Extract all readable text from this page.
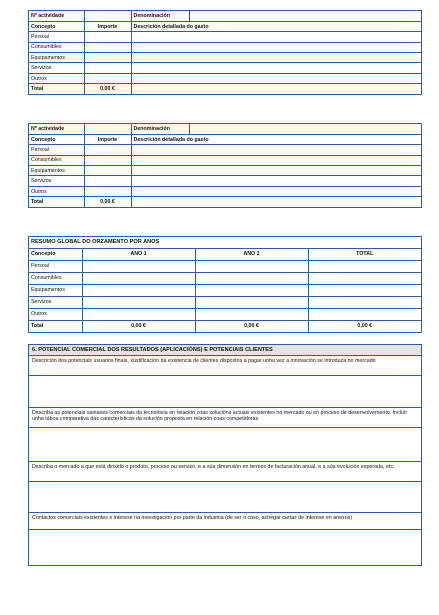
Nº actividade		Denominación	
Concepto	Importe	Descrición detallada do gasto	
Persoal			
Consumibles			
Equipamentos			
Servizos			
Outros			
Total	0,00 €		
Nº actividade		Denominación	
Concepto	Importe	Descrición detallada do gasto	
Persoal			
Consumibles			
Equipamentos			
Servizos			
Outros			
Total	0,00 €		
RESUMO GLOBAL DO ORZAMENTO POR ANOS			
Concepto	ANO 1	ANO 2	TOTAL
Persoal			
Consumibles			
Equipamentos			
Servizos			
Outros			
Total	0,00 €	0,00 €	0,00 €
6. POTENCIAL COMERCIAL DOS RESULTADOS (APLICACIÓNS) E POTENCIAIS CLIENTES
Descrición dos potenciais usuarios finais, xustificación da existencia de clientes dispostos a pagar unha vez a innovación se introduza no mercado
Describa as potenciais vantaxes comerciais da tecnoloxía en relación coas solucións actuais existentes no mercado ou en proceso de desenvolvemento. Incluír unha táboa comparativa das características da solución proposta en relación coas competidoras
Describa o mercado a que está dirixido o produto, proceso ou servizo, e a súa dimensión en termos de facturación anual, e a súa evolución esperada, etc.
Contactos comerciais existentes e interese na investigación por parte da industria (de ser o caso, achegar cartas de interese en anexos)
